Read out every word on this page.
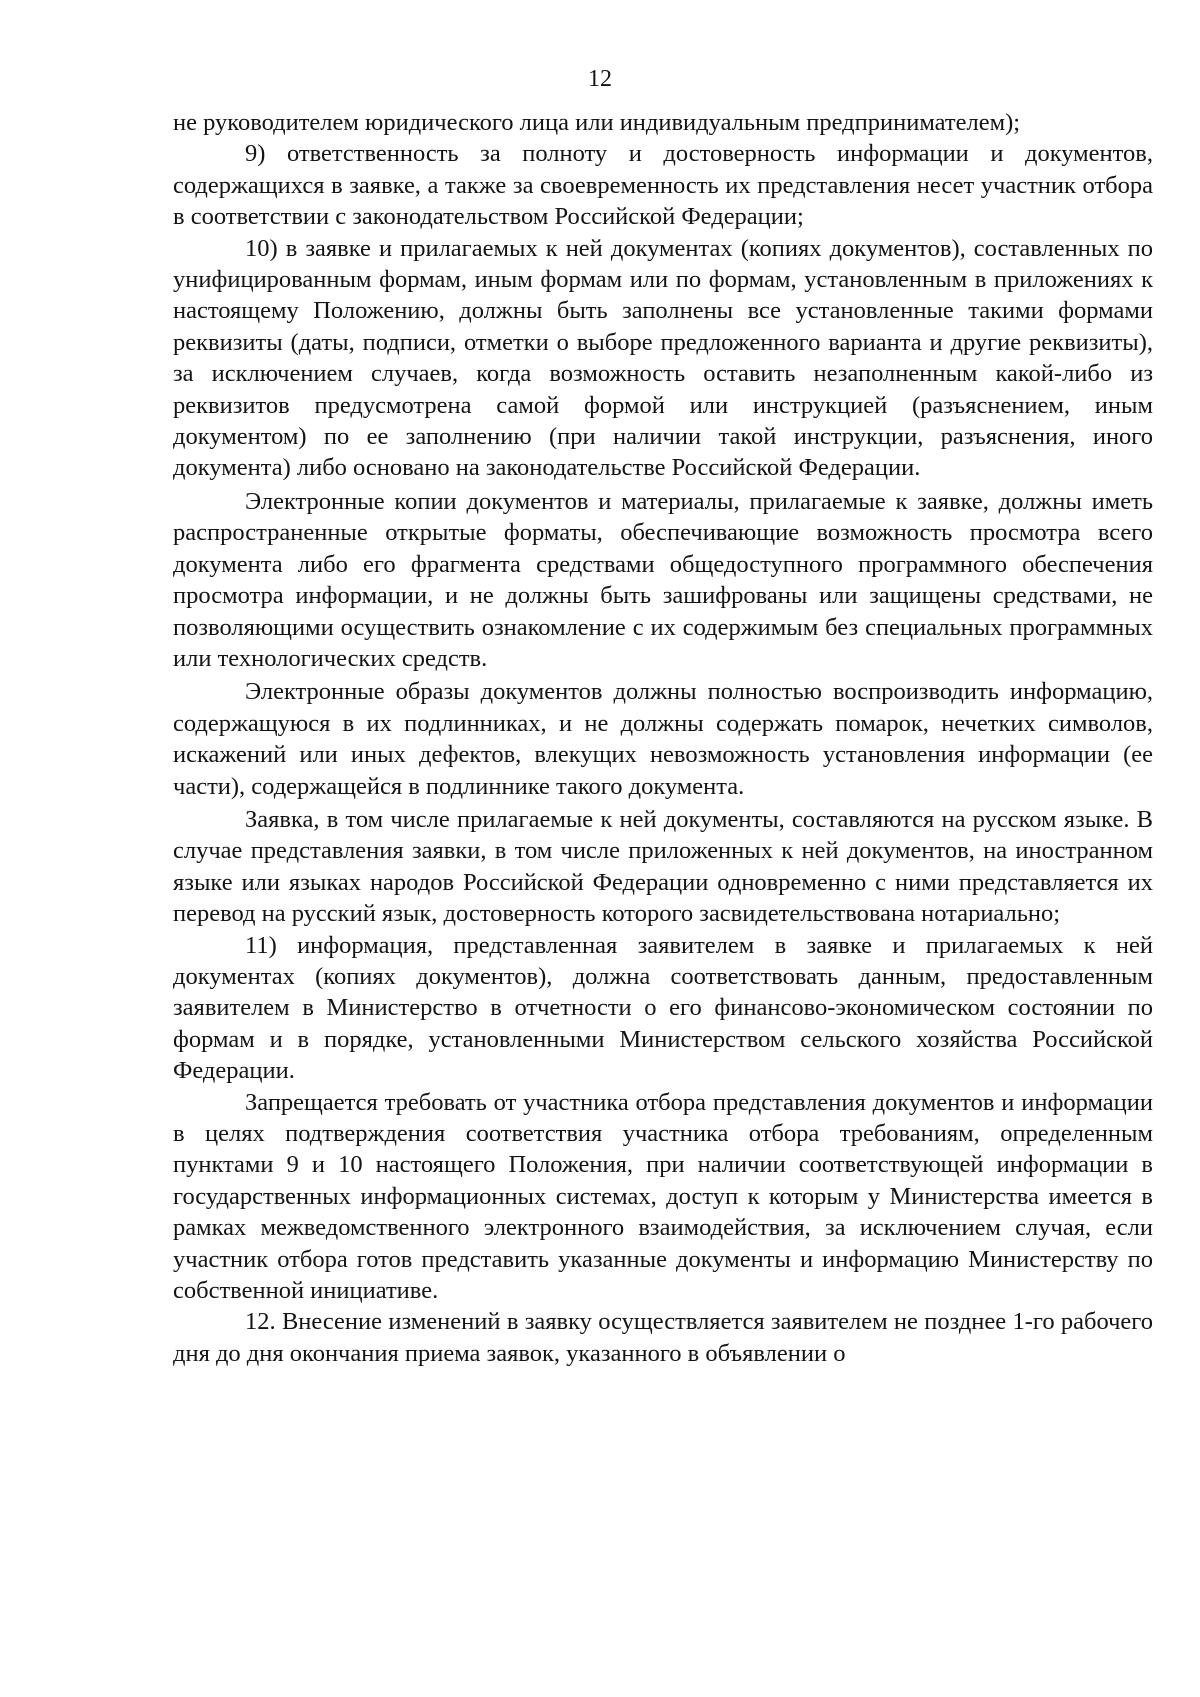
12

не руководителем юридического лица или индивидуальным предпринимателем);

9) ответственность за полноту и достоверность информации и документов, содержащихся в заявке, а также за своевременность их представления несет участник отбора в соответствии с законодательством Российской Федерации;

10) в заявке и прилагаемых к ней документах (копиях документов), составленных по унифицированным формам, иным формам или по формам, установленным в приложениях к настоящему Положению, должны быть заполнены все установленные такими формами реквизиты (даты, подписи, отметки о выборе предложенного варианта и другие реквизиты), за исключением случаев, когда возможность оставить незаполненным какой-либо из реквизитов предусмотрена самой формой или инструкцией (разъяснением, иным документом) по ее заполнению (при наличии такой инструкции, разъяснения, иного документа) либо основано на законодательстве Российской Федерации.

Электронные копии документов и материалы, прилагаемые к заявке, должны иметь распространенные открытые форматы, обеспечивающие возможность просмотра всего документа либо его фрагмента средствами общедоступного программного обеспечения просмотра информации, и не должны быть зашифрованы или защищены средствами, не позволяющими осуществить ознакомление с их содержимым без специальных программных или технологических средств.

Электронные образы документов должны полностью воспроизводить информацию, содержащуюся в их подлинниках, и не должны содержать помарок, нечетких символов, искажений или иных дефектов, влекущих невозможность установления информации (ее части), содержащейся в подлиннике такого документа.

Заявка, в том числе прилагаемые к ней документы, составляются на русском языке. В случае представления заявки, в том числе приложенных к ней документов, на иностранном языке или языках народов Российской Федерации одновременно с ними представляется их перевод на русский язык, достоверность которого засвидетельствована нотариально;

11) информация, представленная заявителем в заявке и прилагаемых к ней документах (копиях документов), должна соответствовать данным, предоставленным заявителем в Министерство в отчетности о его финансово-экономическом состоянии по формам и в порядке, установленными Министерством сельского хозяйства Российской Федерации.

Запрещается требовать от участника отбора представления документов и информации в целях подтверждения соответствия участника отбора требованиям, определенным пунктами 9 и 10 настоящего Положения, при наличии соответствующей информации в государственных информационных системах, доступ к которым у Министерства имеется в рамках межведомственного электронного взаимодействия, за исключением случая, если участник отбора готов представить указанные документы и информацию Министерству по собственной инициативе.

12. Внесение изменений в заявку осуществляется заявителем не позднее 1-го рабочего дня до дня окончания приема заявок, указанного в объявлении о
